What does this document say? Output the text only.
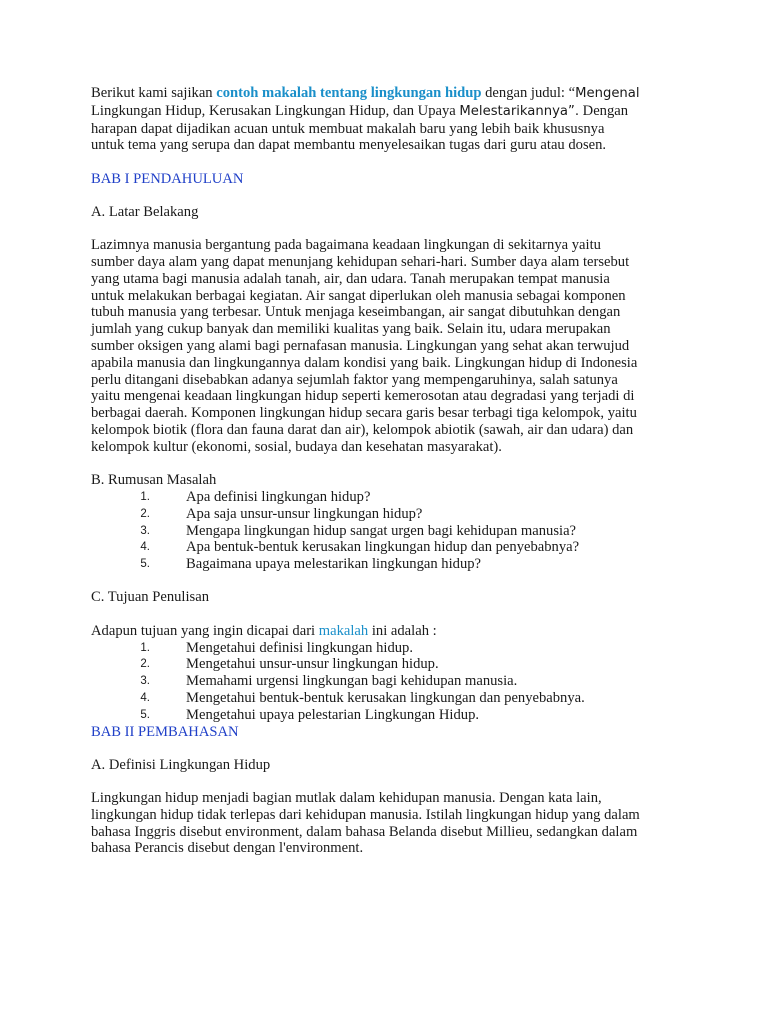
Berikut kami sajikan contoh makalah tentang lingkungan hidup dengan judul: “Mengenal
Lingkungan Hidup, Kerusakan Lingkungan Hidup, dan Upaya Melestarikannya”. Dengan
harapan dapat dijadikan acuan untuk membuat makalah baru yang lebih baik khususnya
untuk tema yang serupa dan dapat membantu menyelesaikan tugas dari guru atau dosen.

BAB I PENDAHULUAN

A. Latar Belakang

Lazimnya manusia bergantung pada bagaimana keadaan lingkungan di sekitarnya yaitu
sumber daya alam yang dapat menunjang kehidupan sehari-hari. Sumber daya alam tersebut
yang utama bagi manusia adalah tanah, air, dan udara. Tanah merupakan tempat manusia
untuk melakukan berbagai kegiatan. Air sangat diperlukan oleh manusia sebagai komponen
tubuh manusia yang terbesar. Untuk menjaga keseimbangan, air sangat dibutuhkan dengan
jumlah yang cukup banyak dan memiliki kualitas yang baik. Selain itu, udara merupakan
sumber oksigen yang alami bagi pernafasan manusia. Lingkungan yang sehat akan terwujud
apabila manusia dan lingkungannya dalam kondisi yang baik. Lingkungan hidup di Indonesia
perlu ditangani disebabkan adanya sejumlah faktor yang mempengaruhinya, salah satunya
yaitu mengenai keadaan lingkungan hidup seperti kemerosotan atau degradasi yang terjadi di
berbagai daerah. Komponen lingkungan hidup secara garis besar terbagi tiga kelompok, yaitu
kelompok biotik (flora dan fauna darat dan air), kelompok abiotik (sawah, air dan udara) dan
kelompok kultur (ekonomi, sosial, budaya dan kesehatan masyarakat).

B. Rumusan Masalah

1.	Apa definisi lingkungan hidup?
2.	Apa saja unsur-unsur lingkungan hidup?
3.	Mengapa lingkungan hidup sangat urgen bagi kehidupan manusia?
4.	Apa bentuk-bentuk kerusakan lingkungan hidup dan penyebabnya?
5.	Bagaimana upaya melestarikan lingkungan hidup?

C. Tujuan Penulisan

Adapun tujuan yang ingin dicapai dari makalah ini adalah :

1.	Mengetahui definisi lingkungan hidup.
2.	Mengetahui unsur-unsur lingkungan hidup.
3.	Memahami urgensi lingkungan bagi kehidupan manusia.
4.	Mengetahui bentuk-bentuk kerusakan lingkungan dan penyebabnya.
5.	Mengetahui upaya pelestarian Lingkungan Hidup.

BAB II PEMBAHASAN

A. Definisi Lingkungan Hidup

Lingkungan hidup menjadi bagian mutlak dalam kehidupan manusia. Dengan kata lain,
lingkungan hidup tidak terlepas dari kehidupan manusia. Istilah lingkungan hidup yang dalam
bahasa Inggris disebut environment, dalam bahasa Belanda disebut Millieu, sedangkan dalam
bahasa Perancis disebut dengan l'environment.
